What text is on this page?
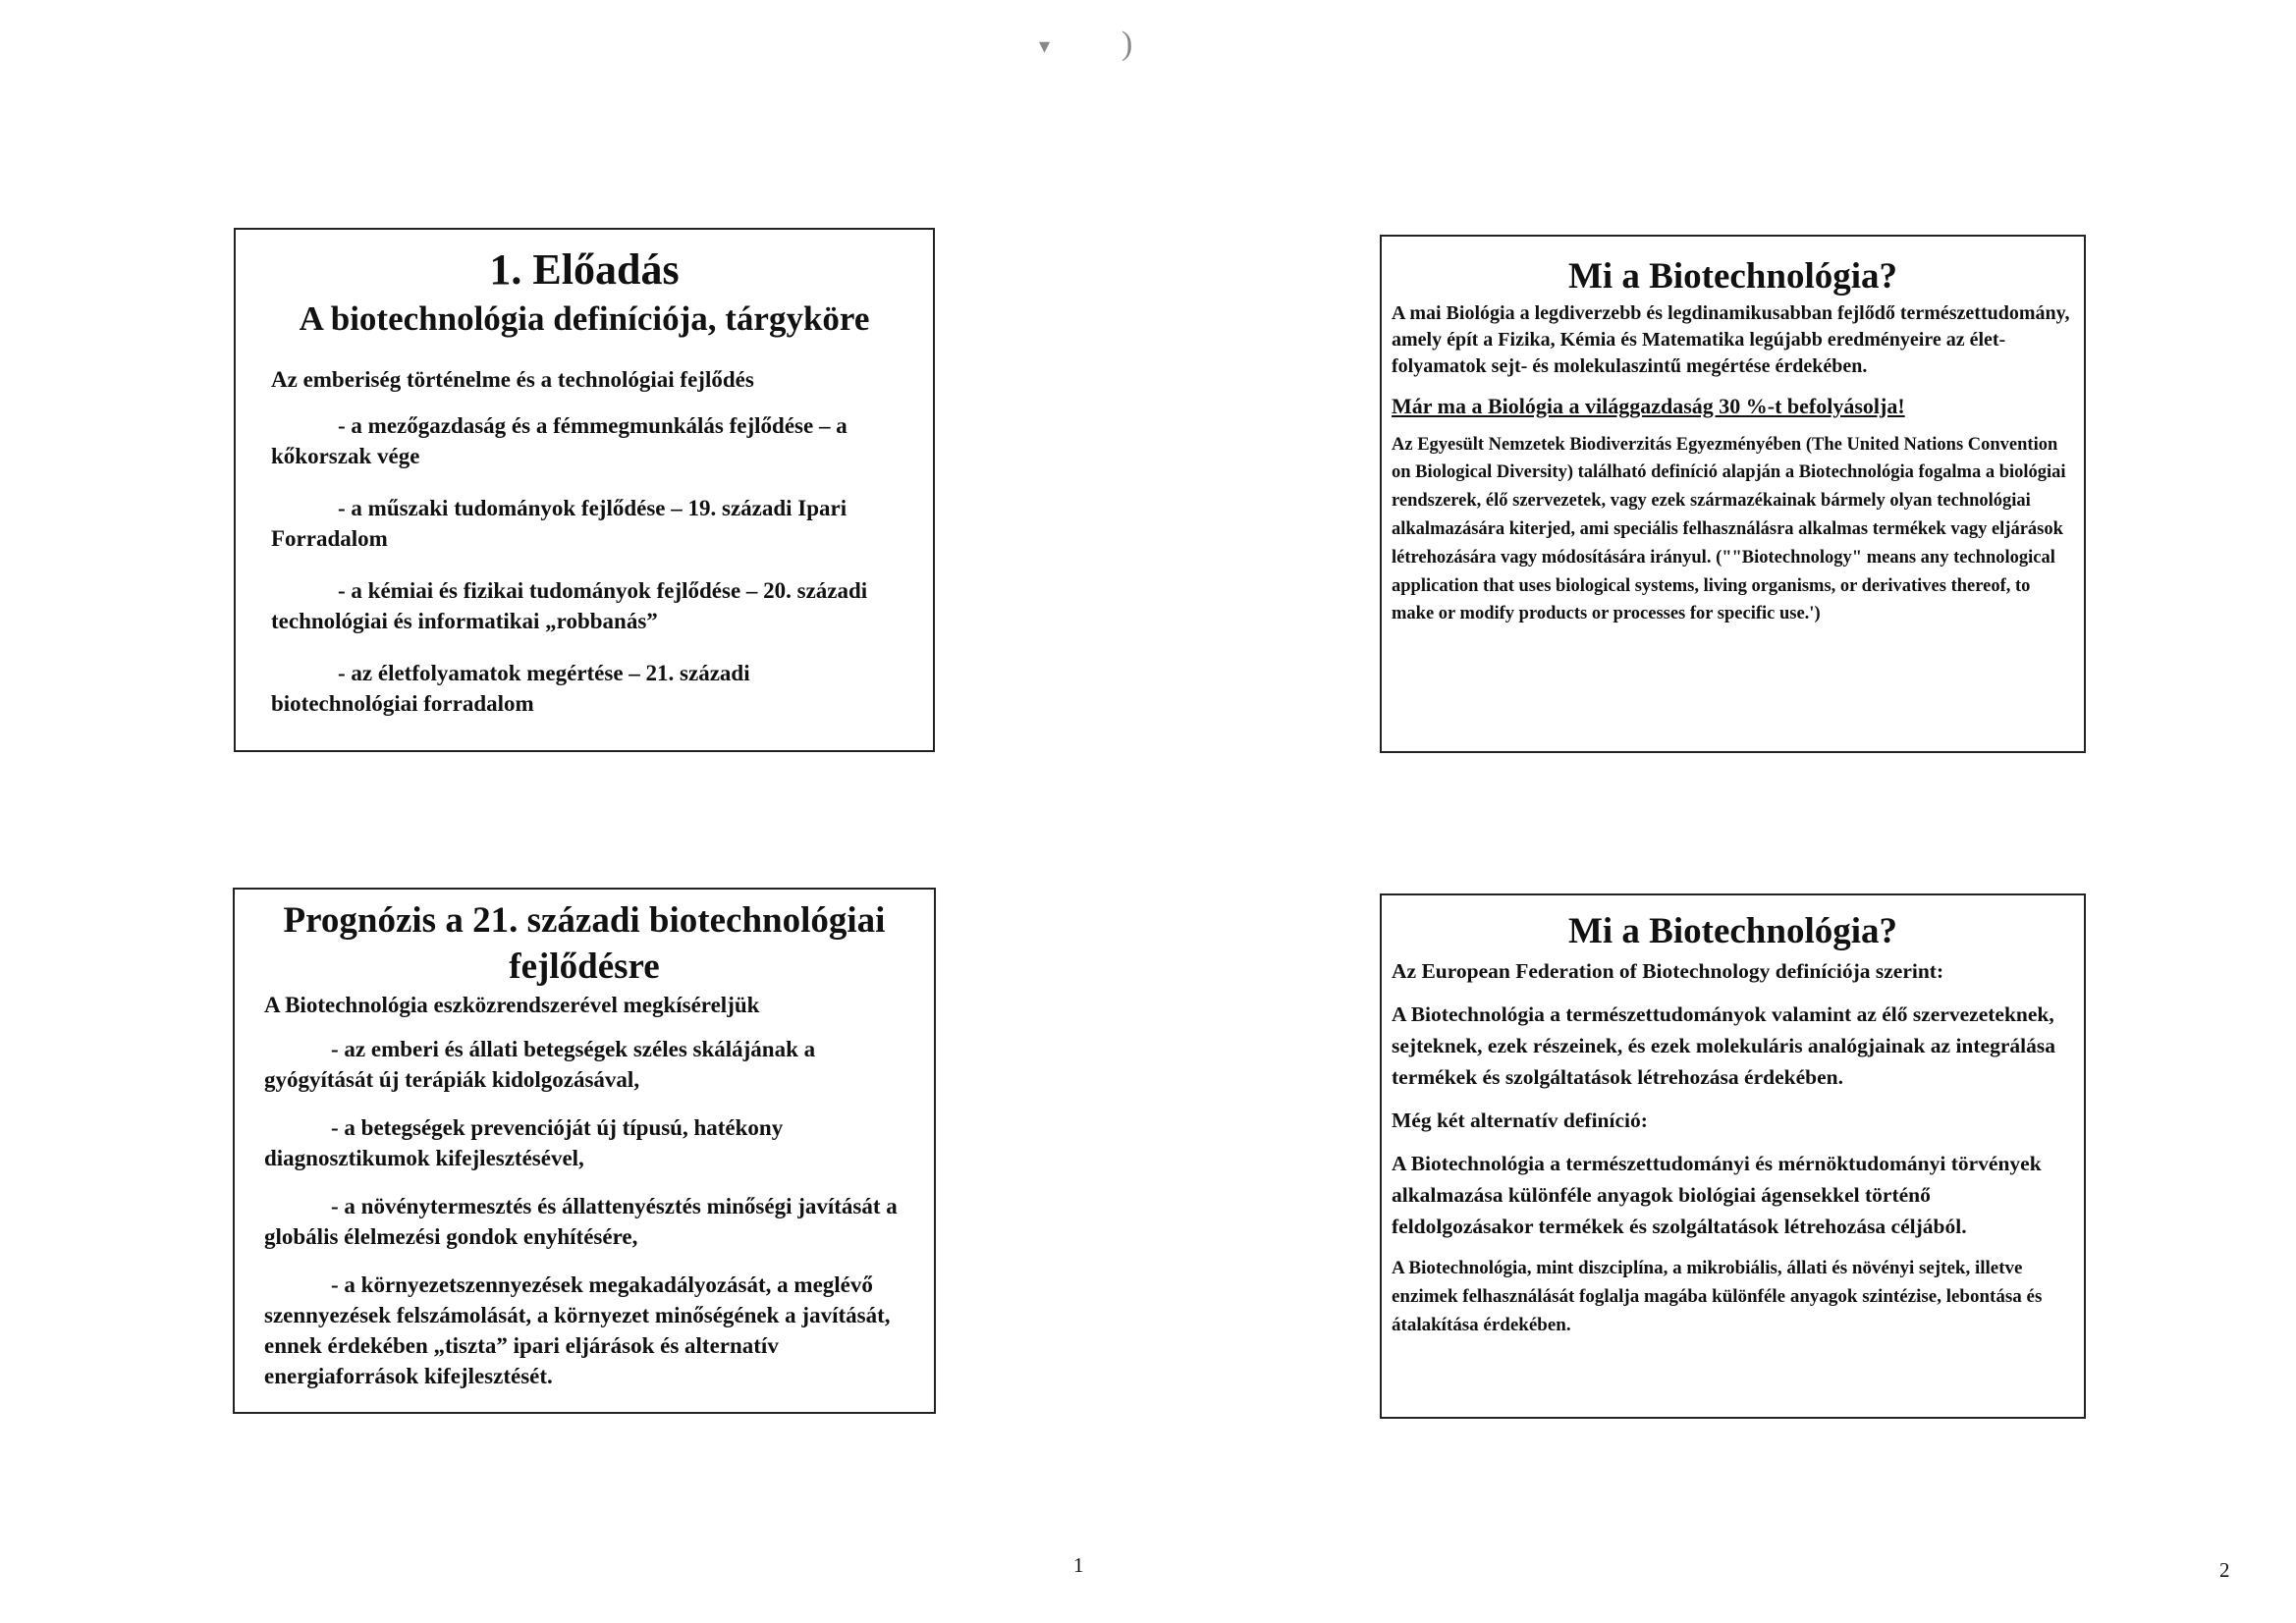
▾ )
1. Előadás
A biotechnológia definíciója, tárgyköre

Az emberiség történelme és a technológiai fejlődés

- a mezőgazdaság és a fémmegmunkálás fejlődése – a kőkorszak vége

- a műszaki tudományok fejlődése – 19. századi Ipari Forradalom

- a kémiai és fizikai tudományok fejlődése – 20. századi technológiai és informatikai „robbanás”

- az életfolyamatok megértése – 21. századi biotechnológiai forradalom

Mi a Biotechnológia?

A mai Biológia a legdiverzebb és legdinamikusabban fejlődő természettudomány, amely épít a Fizika, Kémia és Matematika legújabb eredményeire az élet-folyamatok sejt- és molekulaszintű megértése érdekében.

Már ma a Biológia a világgazdaság 30 %-t befolyásolja!

Az Egyesült Nemzetek Biodiverzitás Egyezményében (The United Nations Convention on Biological Diversity) található definíció alapján a Biotechnológia fogalma a biológiai rendszerek, élő szervezetek, vagy ezek származékainak bármely olyan technológiai alkalmazására kiterjed, ami speciális felhasználásra alkalmas termékek vagy eljárások létrehozására vagy módosítására irányul. (""Biotechnology" means any technological application that uses biological systems, living organisms, or derivatives thereof, to make or modify products or processes for specific use.')

Prognózis a 21. századi biotechnológiai fejlődésre

A Biotechnológia eszközrendszerével megkíséreljük

- az emberi és állati betegségek széles skálájának a gyógyítását új terápiák kidolgozásával,

- a betegségek prevencióját új típusú, hatékony diagnosztikumok kifejlesztésével,

- a növénytermesztés és állattenyésztés minőségi javítását a globális élelmezési gondok enyhítésére,

- a környezetszennyezések megakadályozását, a meglévő szennyezések felszámolását, a környezet minőségének a javítását, ennek érdekében „tiszta” ipari eljárások és alternatív energiaforrások kifejlesztését.

Mi a Biotechnológia?

Az European Federation of Biotechnology definíciója szerint:

A Biotechnológia a természettudományok valamint az élő szervezeteknek, sejteknek, ezek részeinek, és ezek molekuláris analógjainak az integrálása termékek és szolgáltatások létrehozása érdekében.

Még két alternatív definíció:

A Biotechnológia a természettudományi és mérnöktudományi törvények alkalmazása különféle anyagok biológiai ágensekkel történő feldolgozásakor termékek és szolgáltatások létrehozása céljából.

A Biotechnológia, mint diszciplína, a mikrobiális, állati és növényi sejtek, illetve enzimek felhasználását foglalja magába különféle anyagok szintézise, lebontása és átalakítása érdekében.

1	2
